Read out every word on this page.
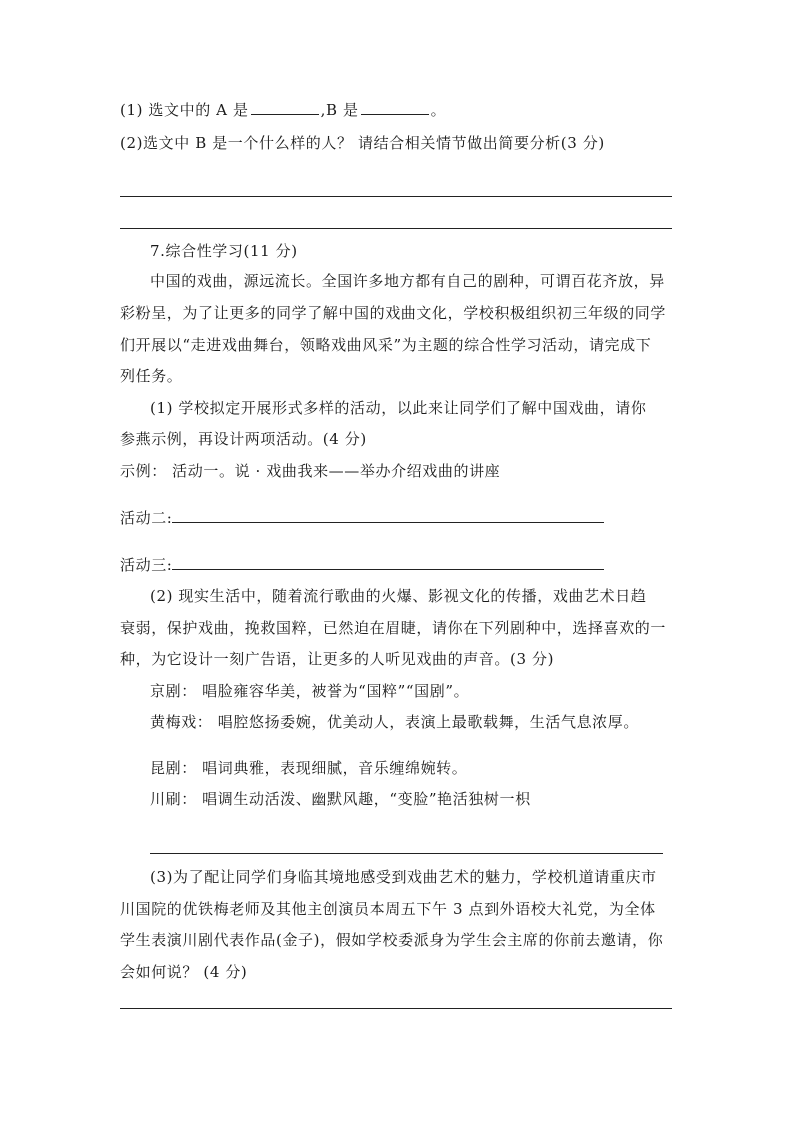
(1) 选文中的 A 是	,B 是	。
(2)选文中 B 是一个什么样的人？ 请结合相关情节做出简要分析(3 分)
7.综合性学习(11 分)
中国的戏曲，源远流长。全国许多地方都有自己的剧种，可谓百花齐放，异
彩粉呈，为了让更多的同学了解中国的戏曲文化，学校积极组织初三年级的同学
们开展以“走进戏曲舞台，领略戏曲风采”为主题的综合性学习活动，请完成下
列任务。
(1) 学校拟定开展形式多样的活动，以此来让同学们了解中国戏曲，请你
参燕示例，再设计两项活动。(4 分)
示例： 活动一。说 · 戏曲我来——举办介绍戏曲的讲座
活动二:
活动三:
(2) 现实生活中，随着流行歌曲的火爆、影视文化的传播，戏曲艺术日趋
衰弱，保护戏曲，挽救国粹，已然迫在眉睫，请你在下列剧种中，选择喜欢的一
种，为它设计一刻广告语，让更多的人听见戏曲的声音。(3 分)
京剧： 唱脸雍容华美，被誉为“国粹”“国剧”。
黄梅戏： 唱腔悠扬委婉，优美动人，表演上最歌载舞，生活气息浓厚。
昆剧： 唱词典雅，表现细腻，音乐缠绵婉转。
川刷： 唱调生动活泼、幽默风趣，“变脸”艳活独树一枳
(3)为了配让同学们身临其境地感受到戏曲艺术的魅力，学校机道请重庆市
川国院的优铁梅老师及其他主创演员本周五下午 3 点到外语校大礼党，为全体
学生表演川剧代表作品(金子)，假如学校委派身为学生会主席的你前去邀请，你
会如何说？ (4 分)
